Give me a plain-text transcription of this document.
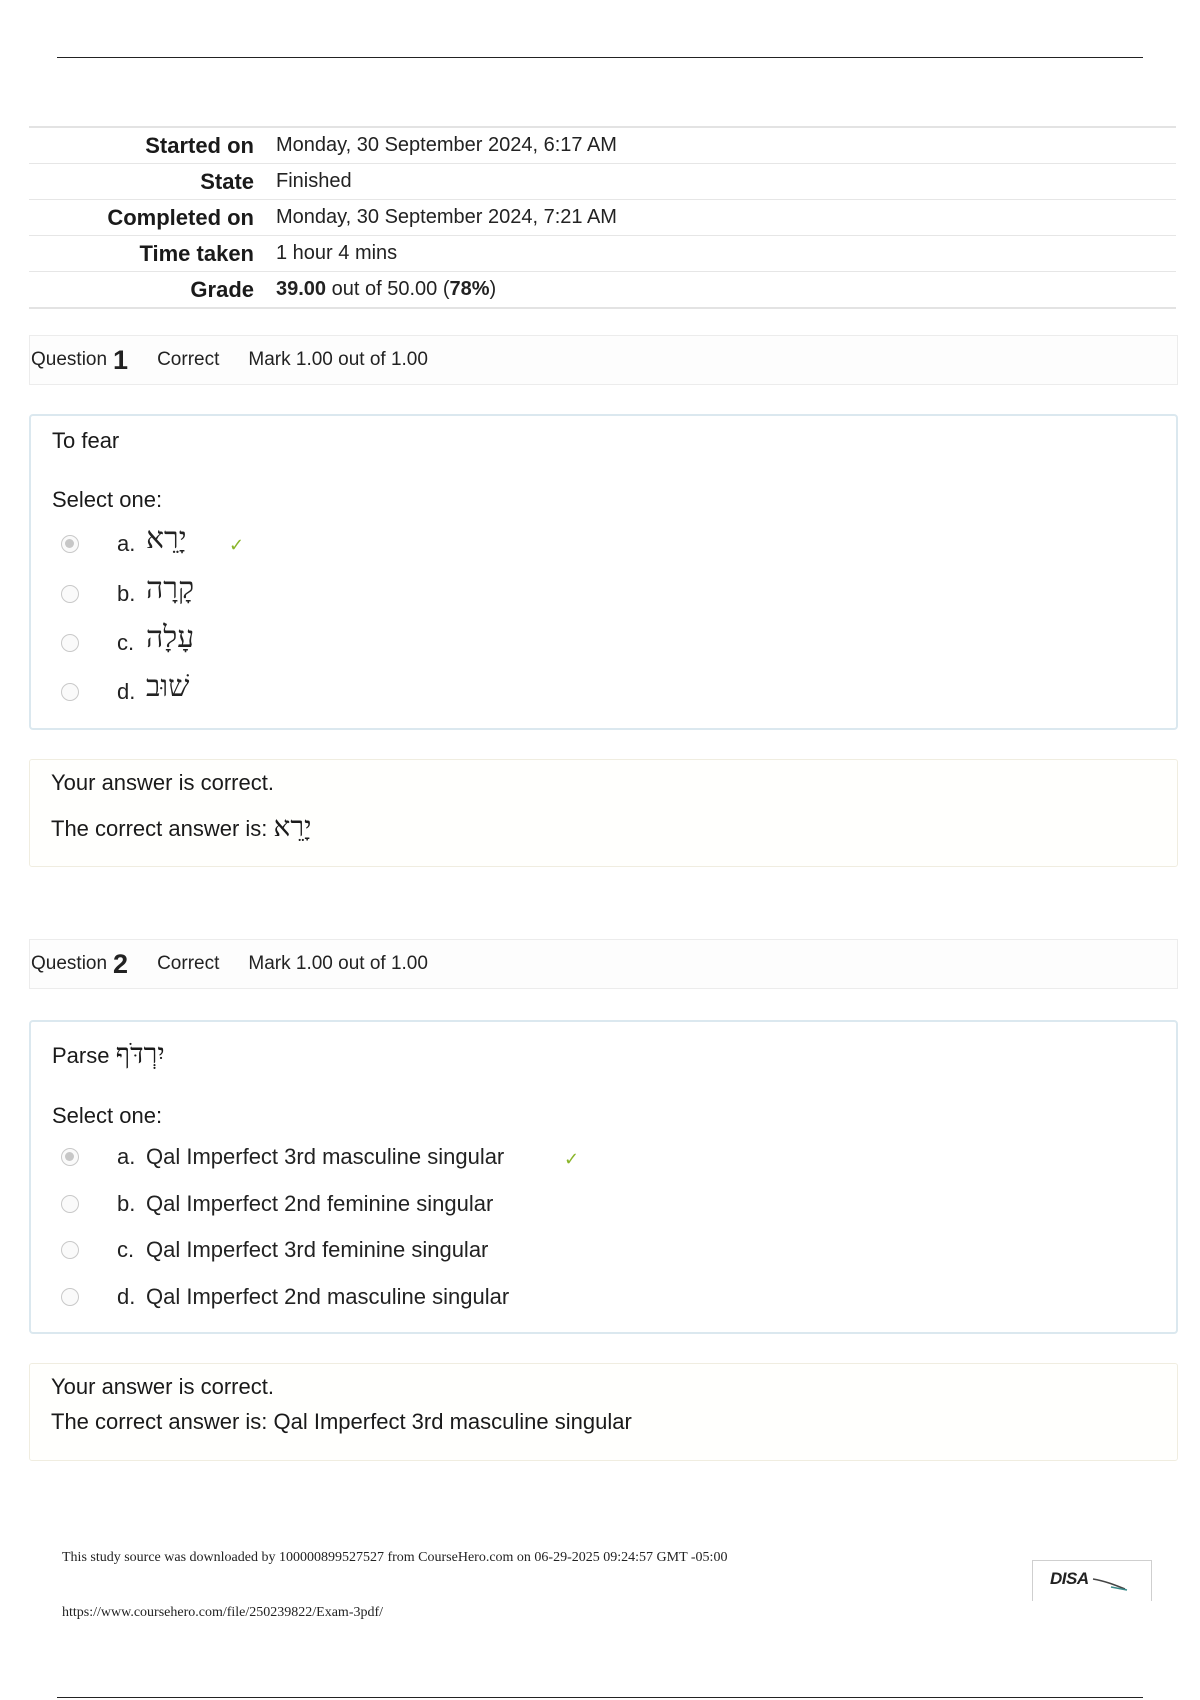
Started on	Monday, 30 September 2024, 6:17 AM
State	Finished
Completed on	Monday, 30 September 2024, 7:21 AM
Time taken	1 hour 4 mins
Grade	39.00 out of 50.00 (78%)
Question 1 Correct Mark 1.00 out of 1.00
To fear
Select one:
a. יָרֵא ✓
b. קָרָה
c. עָלָה
d. שׁוּב
Your answer is correct.
The correct answer is: יָרֵא
Question 2 Correct Mark 1.00 out of 1.00
Parse יִרְדֹּף
Select one:
a. Qal Imperfect 3rd masculine singular	✓
b. Qal Imperfect 2nd feminine singular
c. Qal Imperfect 3rd feminine singular
d. Qal Imperfect 2nd masculine singular
Your answer is correct.
The correct answer is: Qal Imperfect 3rd masculine singular
This study source was downloaded by 100000899527527 from CourseHero.com on 06-29-2025 09:24:57 GMT -05:00
https://www.coursehero.com/file/250239822/Exam-3pdf/
DISA
